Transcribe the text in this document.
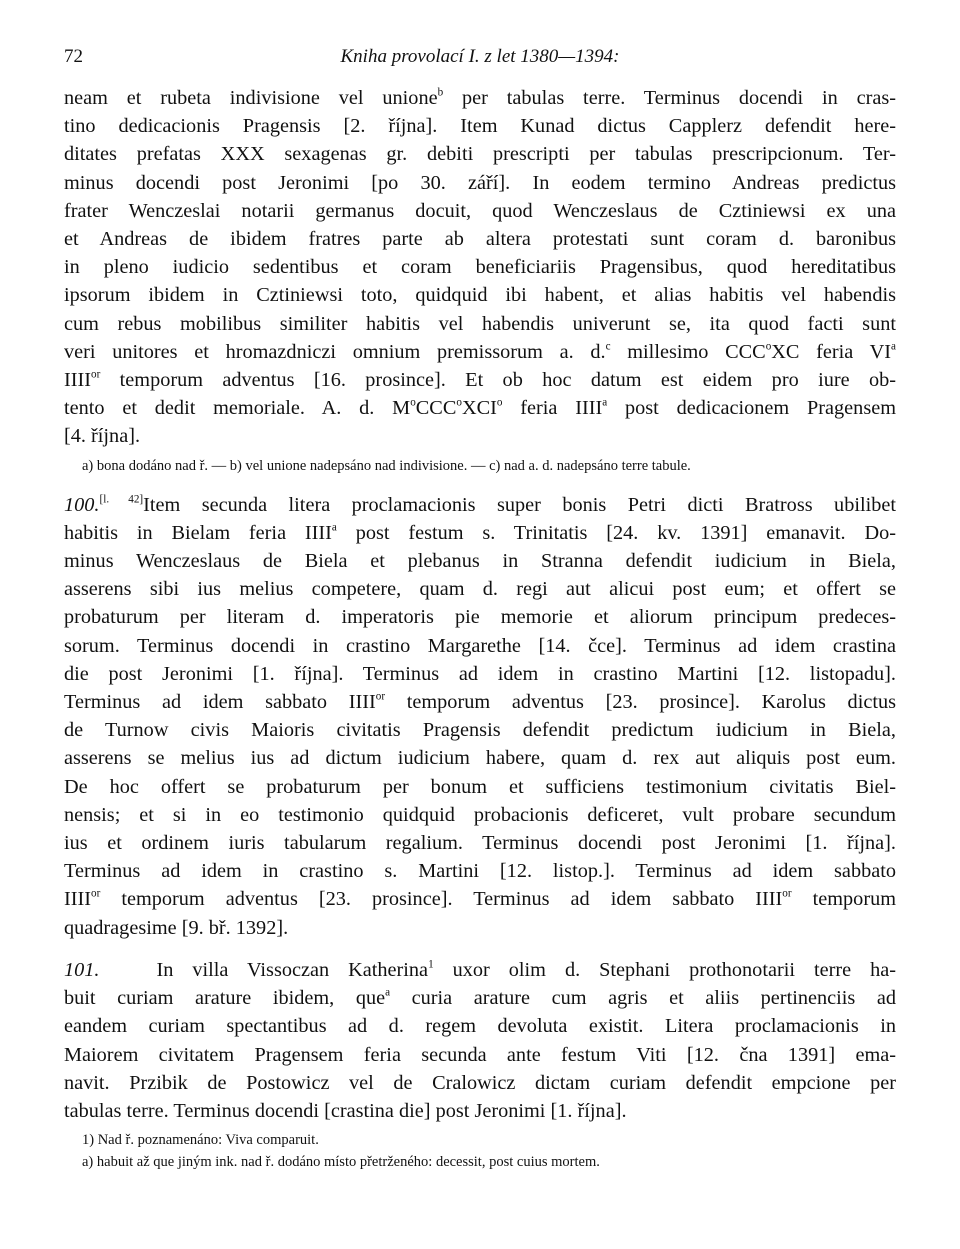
72	Kniha provolací I. z let 1380—1394:

neam et rubeta indivisione vel unione$^b$ per tabulas terre. Terminus docendi in cras-
tino dedicacionis Pragensis [2. října]. Item Kunad dictus Capplerz defendit here-
ditates prefatas XXX sexagenas gr. debiti prescripti per tabulas prescripcionum. Ter-
minus docendi post Jeronimi [po 30. září]. In eodem termino Andreas predictus
frater Wenczeslai notarii germanus docuit, quod Wenczeslaus de Cztiniewsi ex una
et Andreas de ibidem fratres parte ab altera protestati sunt coram d. baronibus
in pleno iudicio sedentibus et coram beneficiariis Pragensibus, quod hereditatibus
ipsorum ibidem in Cztiniewsi toto, quidquid ibi habent, et alias habitis vel habendis
cum rebus mobilibus similiter habitis vel habendis univerunt se, ita quod facti sunt
veri unitores et hromazdniczi omnium premissorum a. d.$^c$ millesimo CCC$^o$XC feria $VI^a$
$IIII^{or}$ temporum adventus [16. prosince]. Et ob hoc datum est eidem pro iure ob-
tento et dedit memoriale. A. d. $M^oCCC^oXCI^o$ feria IIII$^a$ post dedicacionem Pragensem
[4. října].

a) bona dodáno nad ř. — b) vel unione nadepsáno nad indivisione. — c) nad a. d. nadepsáno terre tabule.

100.[l. 42]Item secunda litera proclamacionis super bonis Petri dicti Bratross ubilibet
habitis in Bielam feria IIII$^a$ post festum s. Trinitatis [24. kv. 1391] emanavit. Do-
minus Wenczeslaus de Biela et plebanus in Stranna defendit iudicium in Biela,
asserens sibi ius melius competere, quam d. regi aut alicui post eum; et offert se
probaturum per literam d. imperatoris pie memorie et aliorum principum predeces-
sorum. Terminus docendi in crastino Margarethe [14. čce]. Terminus ad idem crastina
die post Jeronimi [1. října]. Terminus ad idem in crastino Martini [12. listopadu].
Terminus ad idem sabbato $IIII^{or}$ temporum adventus [23. prosince]. Karolus dictus
de Turnow civis Maioris civitatis Pragensis defendit predictum iudicium in Biela,
asserens se melius ius ad dictum iudicium habere, quam d. rex aut aliquis post eum.
De hoc offert se probaturum per bonum et sufficiens testimonium civitatis Biel-
nensis; et si in eo testimonio quidquid probacionis deficeret, vult probare secundum
ius et ordinem iuris tabularum regalium. Terminus docendi post Jeronimi [1. října].
Terminus ad idem in crastino s. Martini [12. listop.]. Terminus ad idem sabbato
$IIII^{or}$ temporum adventus [23. prosince]. Terminus ad idem sabbato $IIII^{or}$ temporum
quadragesime [9. bř. 1392].

101.	In villa Vissoczan Katherina$^1$ uxor olim d. Stephani prothonotarii terre ha-
buit curiam arature ibidem, que$^a$ curia arature cum agris et aliis pertinenciis ad
eandem curiam spectantibus ad d. regem devoluta existit. Litera proclamacionis in
Maiorem civitatem Pragensem feria secunda ante festum Viti [12. čna 1391] ema-
navit. Przibik de Postowicz vel de Cralowicz dictam curiam defendit empcione per
tabulas terre. Terminus docendi [crastina die] post Jeronimi [1. října].

1) Nad ř. poznamenáno: Viva comparuit.
a) habuit až que jiným ink. nad ř. dodáno místo přetrženého: decessit, post cuius mortem.
